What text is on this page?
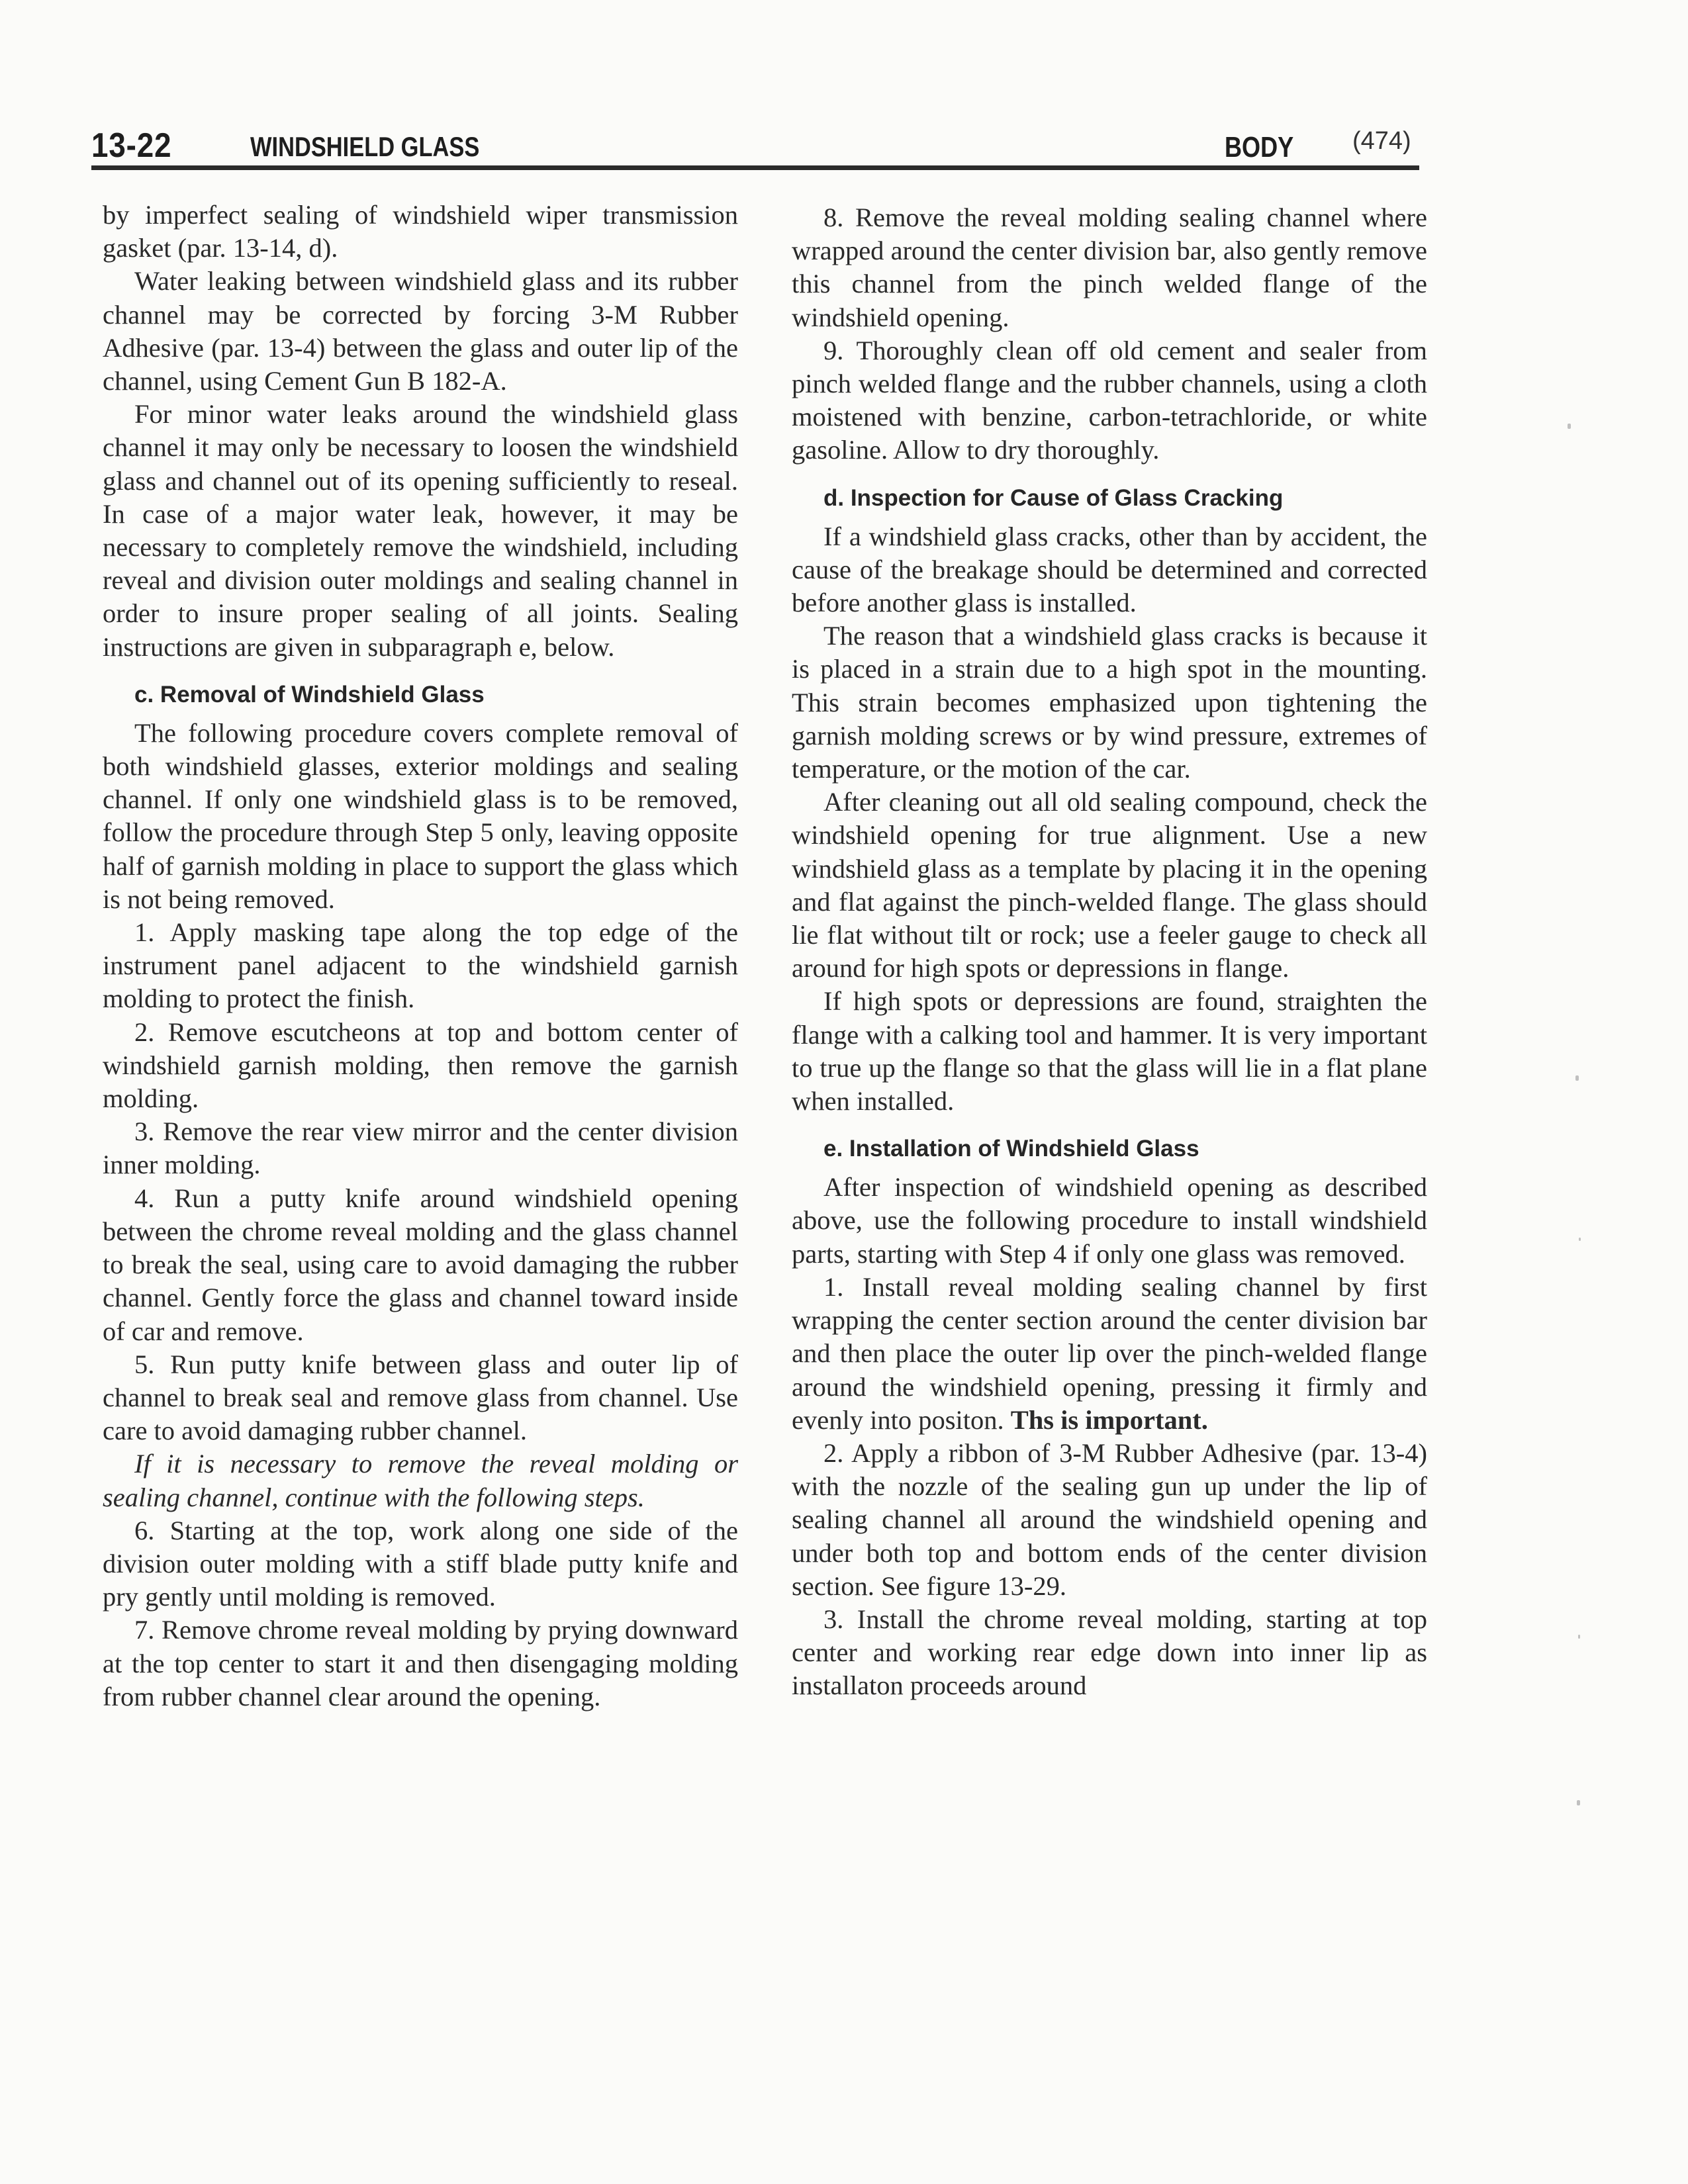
13-22	WINDSHIELD GLASS	BODY (474)

by imperfect sealing of windshield wiper transmission gasket (par. 13-14, d).

Water leaking between windshield glass and its rubber channel may be corrected by forcing 3-M Rubber Adhesive (par. 13-4) between the glass and outer lip of the channel, using Cement Gun B 182-A.

For minor water leaks around the windshield glass channel it may only be necessary to loosen the windshield glass and channel out of its opening sufficiently to reseal. In case of a major water leak, however, it may be necessary to completely remove the windshield, including reveal and division outer moldings and sealing channel in order to insure proper sealing of all joints. Sealing instructions are given in subparagraph e, below.

c. Removal of Windshield Glass

The following procedure covers complete removal of both windshield glasses, exterior moldings and sealing channel. If only one windshield glass is to be removed, follow the procedure through Step 5 only, leaving opposite half of garnish molding in place to support the glass which is not being removed.

1. Apply masking tape along the top edge of the instrument panel adjacent to the windshield garnish molding to protect the finish.

2. Remove escutcheons at top and bottom center of windshield garnish molding, then remove the garnish molding.

3. Remove the rear view mirror and the center division inner molding.

4. Run a putty knife around windshield opening between the chrome reveal molding and the glass channel to break the seal, using care to avoid damaging the rubber channel. Gently force the glass and channel toward inside of car and remove.

5. Run putty knife between glass and outer lip of channel to break seal and remove glass from channel. Use care to avoid damaging rubber channel.

If it is necessary to remove the reveal molding or sealing channel, continue with the following steps.

6. Starting at the top, work along one side of the division outer molding with a stiff blade putty knife and pry gently until molding is removed.

7. Remove chrome reveal molding by prying downward at the top center to start it and then disengaging molding from rubber channel clear around the opening.

8. Remove the reveal molding sealing channel where wrapped around the center division bar, also gently remove this channel from the pinch welded flange of the windshield opening.

9. Thoroughly clean off old cement and sealer from pinch welded flange and the rubber channels, using a cloth moistened with benzine, carbon-tetrachloride, or white gasoline. Allow to dry thoroughly.

d. Inspection for Cause of Glass Cracking

If a windshield glass cracks, other than by accident, the cause of the breakage should be determined and corrected before another glass is installed.

The reason that a windshield glass cracks is because it is placed in a strain due to a high spot in the mounting. This strain becomes emphasized upon tightening the garnish molding screws or by wind pressure, extremes of temperature, or the motion of the car.

After cleaning out all old sealing compound, check the windshield opening for true alignment. Use a new windshield glass as a template by placing it in the opening and flat against the pinch-welded flange. The glass should lie flat without tilt or rock; use a feeler gauge to check all around for high spots or depressions in flange.

If high spots or depressions are found, straighten the flange with a calking tool and hammer. It is very important to true up the flange so that the glass will lie in a flat plane when installed.

e. Installation of Windshield Glass

After inspection of windshield opening as described above, use the following procedure to install windshield parts, starting with Step 4 if only one glass was removed.

1. Install reveal molding sealing channel by first wrapping the center section around the center division bar and then place the outer lip over the pinch-welded flange around the windshield opening, pressing it firmly and evenly into positon. Ths is important.

2. Apply a ribbon of 3-M Rubber Adhesive (par. 13-4) with the nozzle of the sealing gun up under the lip of sealing channel all around the windshield opening and under both top and bottom ends of the center division section. See figure 13-29.

3. Install the chrome reveal molding, starting at top center and working rear edge down into inner lip as installaton proceeds around
